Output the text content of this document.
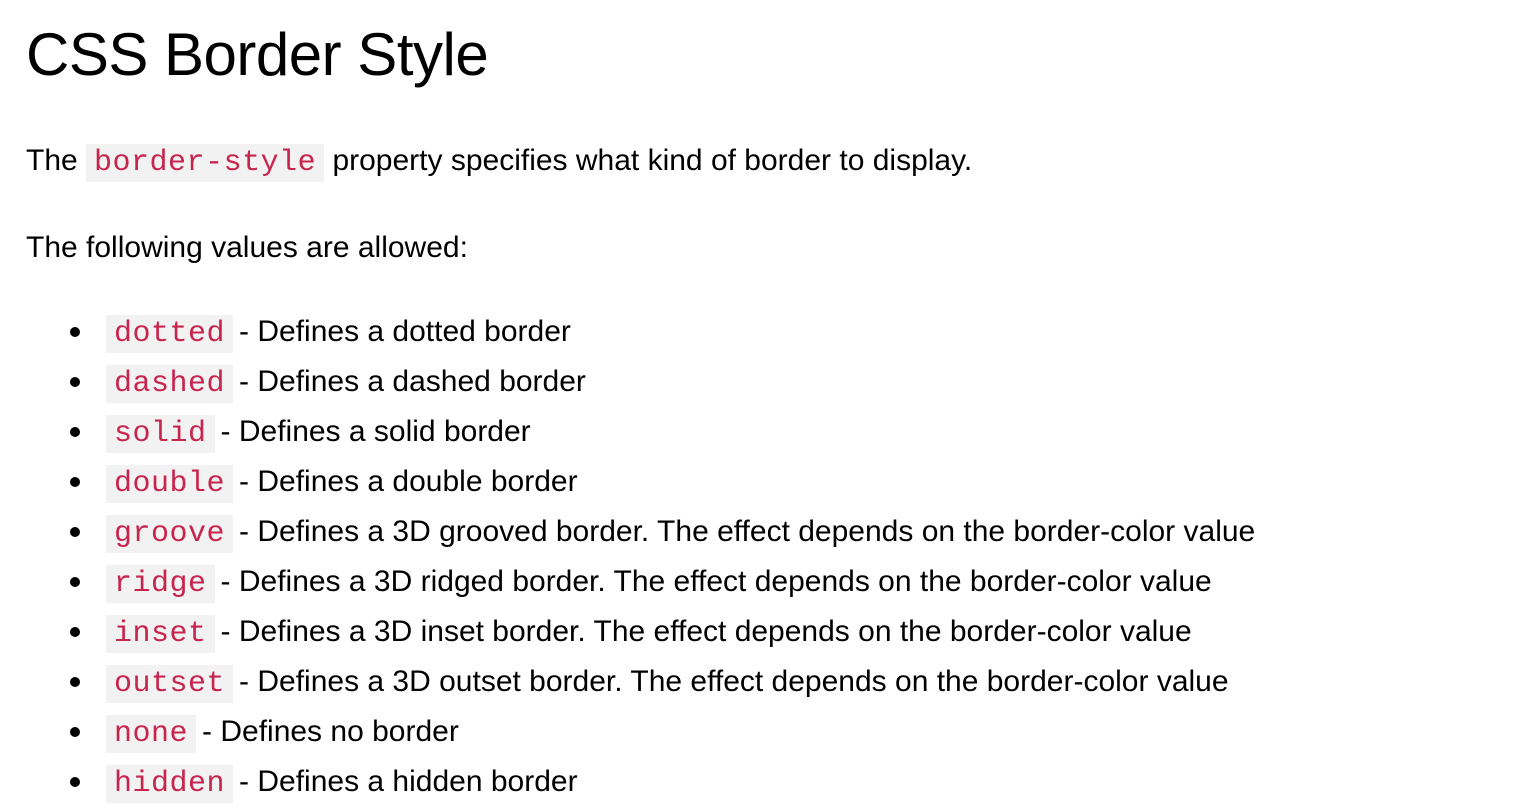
CSS Border Style

The border-style property specifies what kind of border to display.

The following values are allowed:

dotted - Defines a dotted border
dashed - Defines a dashed border
solid - Defines a solid border
double - Defines a double border
groove - Defines a 3D grooved border. The effect depends on the border-color value
ridge - Defines a 3D ridged border. The effect depends on the border-color value
inset - Defines a 3D inset border. The effect depends on the border-color value
outset - Defines a 3D outset border. The effect depends on the border-color value
none - Defines no border
hidden - Defines a hidden border
